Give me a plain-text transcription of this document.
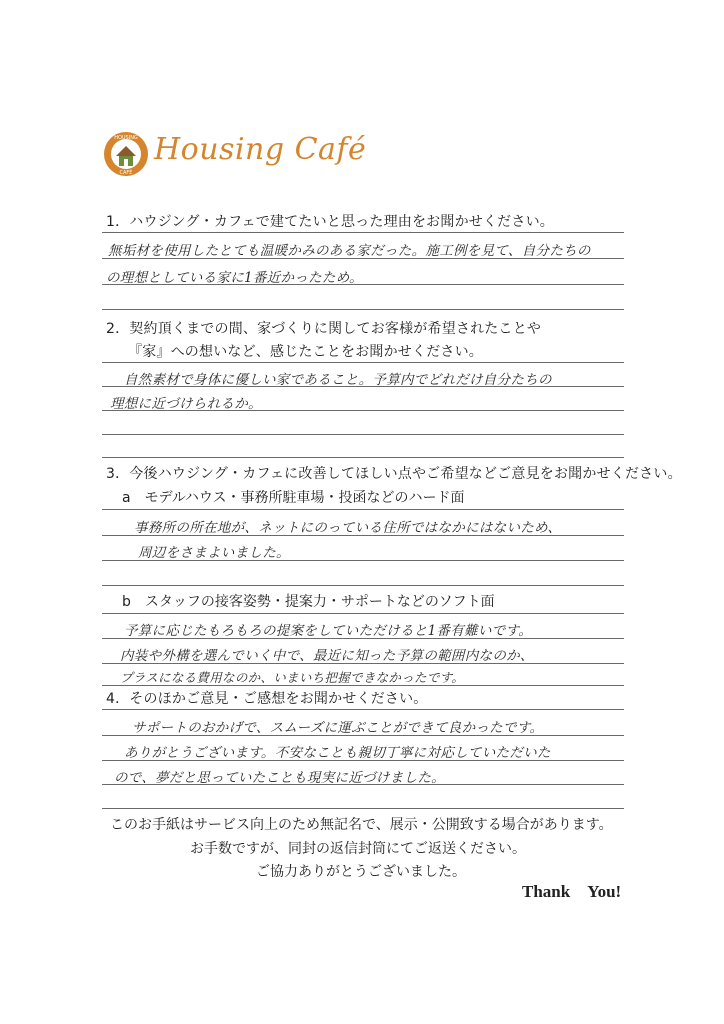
HOUSING
CAFÉ
Housing Café
1．ハウジング・カフェで建てたいと思った理由をお聞かせください。
無垢材を使用したとても温暖かみのある家だった。施工例を見て、自分たちの
の理想としている家に1番近かったため。
2．契約頂くまでの間、家づくりに関してお客様が希望されたことや
『家』への想いなど、感じたことをお聞かせください。
自然素材で身体に優しい家であること。予算内でどれだけ自分たちの
理想に近づけられるか。
3．今後ハウジング・カフェに改善してほしい点やご希望などご意見をお聞かせください。
a　モデルハウス・事務所駐車場・投函などのハード面
事務所の所在地が、ネットにのっている住所ではなかにはないため、
周辺をさまよいました。
b　スタッフの接客姿勢・提案力・サポートなどのソフト面
予算に応じたもろもろの提案をしていただけると1番有難いです。
内装や外構を選んでいく中で、最近に知った予算の範囲内なのか、
プラスになる費用なのか、いまいち把握できなかったです。
4．そのほかご意見・ご感想をお聞かせください。
サポートのおかげで、スムーズに運ぶことができて良かったです。
ありがとうございます。不安なことも親切丁寧に対応していただいた
ので、夢だと思っていたことも現実に近づけました。
このお手紙はサービス向上のため無記名で、展示・公開致する場合があります。
お手数ですが、同封の返信封筒にてご返送ください。
ご協力ありがとうございました。
Thank　You!
